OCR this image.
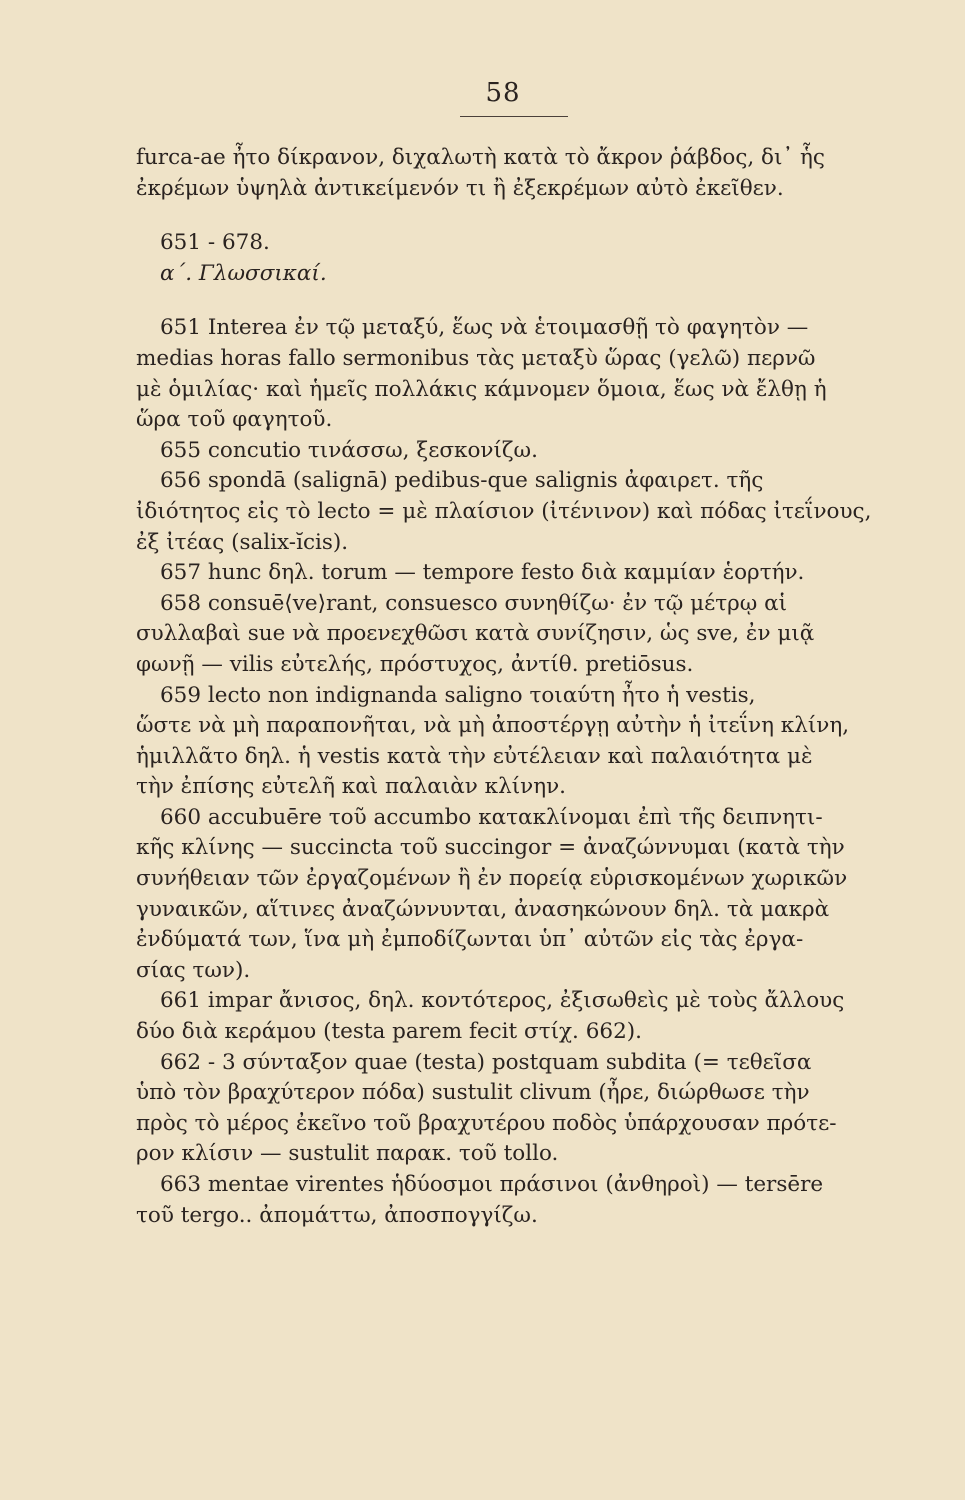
58
furca-ae ἦτο δίκρανον, διχαλωτὴ κατὰ τὸ ἄκρον ῥάβδος, δι᾽ ἧς
ἐκρέμων ὑψηλὰ ἀντικείμενόν τι ἢ ἐξεκρέμων αὐτὸ ἐκεῖθεν.
651 - 678.
α΄. Γλωσσικαί.
651 Interea ἐν τῷ μεταξύ, ἕως νὰ ἑτοιμασθῇ τὸ φαγητὸν —
medias horas fallo sermonibus τὰς μεταξὺ ὥρας (γελῶ) περνῶ
μὲ ὁμιλίας· καὶ ἡμεῖς πολλάκις κάμνομεν ὅμοια, ἕως νὰ ἔλθῃ ἡ
ὥρα τοῦ φαγητοῦ.
655 concutio τινάσσω, ξεσκονίζω.
656 spondā (salignā) pedibus-que salignis ἀφαιρετ. τῆς
ἰδιότητος εἰς τὸ lecto = μὲ πλαίσιον (ἰτένινον) καὶ πόδας ἰτεΐνους,
ἐξ ἰτέας (salix-ĭcis).
657 hunc δηλ. torum — tempore festo διὰ καμμίαν ἑορτήν.
658 consuē⟨ve⟩rant, consuesco συνηθίζω· ἐν τῷ μέτρῳ αἱ
συλλαβαὶ sue νὰ προενεχθῶσι κατὰ συνίζησιν, ὡς sve, ἐν μιᾷ
φωνῇ — vilis εὐτελής, πρόστυχος, ἀντίθ. pretiōsus.
659 lecto non indignanda saligno τοιαύτη ἦτο ἡ vestis,
ὥστε νὰ μὴ παραπονῆται, νὰ μὴ ἀποστέργῃ αὐτὴν ἡ ἰτεΐνη κλίνη,
ἡμιλλᾶτο δηλ. ἡ vestis κατὰ τὴν εὐτέλειαν καὶ παλαιότητα μὲ
τὴν ἐπίσης εὐτελῆ καὶ παλαιὰν κλίνην.
660 accubuēre τοῦ accumbo κατακλίνομαι ἐπὶ τῆς δειπνητι-
κῆς κλίνης — succincta τοῦ succingor = ἀναζώννυμαι (κατὰ τὴν
συνήθειαν τῶν ἐργαζομένων ἢ ἐν πορείᾳ εὑρισκομένων χωρικῶν
γυναικῶν, αἵτινες ἀναζώννυνται, ἀνασηκώνουν δηλ. τὰ μακρὰ
ἐνδύματά των, ἵνα μὴ ἐμποδίζωνται ὑπ᾽ αὐτῶν εἰς τὰς ἐργα-
σίας των).
661 impar ἄνισος, δηλ. κοντότερος, ἐξισωθεὶς μὲ τοὺς ἄλλους
δύο διὰ κεράμου (testa parem fecit στίχ. 662).
662 - 3 σύνταξον quae (testa) postquam subdita (= τεθεῖσα
ὑπὸ τὸν βραχύτερον πόδα) sustulit clivum (ἦρε, διώρθωσε τὴν
πρὸς τὸ μέρος ἐκεῖνο τοῦ βραχυτέρου ποδὸς ὑπάρχουσαν πρότε-
ρον κλίσιν — sustulit παρακ. τοῦ tollo.
663 mentae virentes ἡδύοσμοι πράσινοι (ἀνθηροὶ) — tersēre
τοῦ tergo.. ἀπομάττω, ἀποσπογγίζω.
